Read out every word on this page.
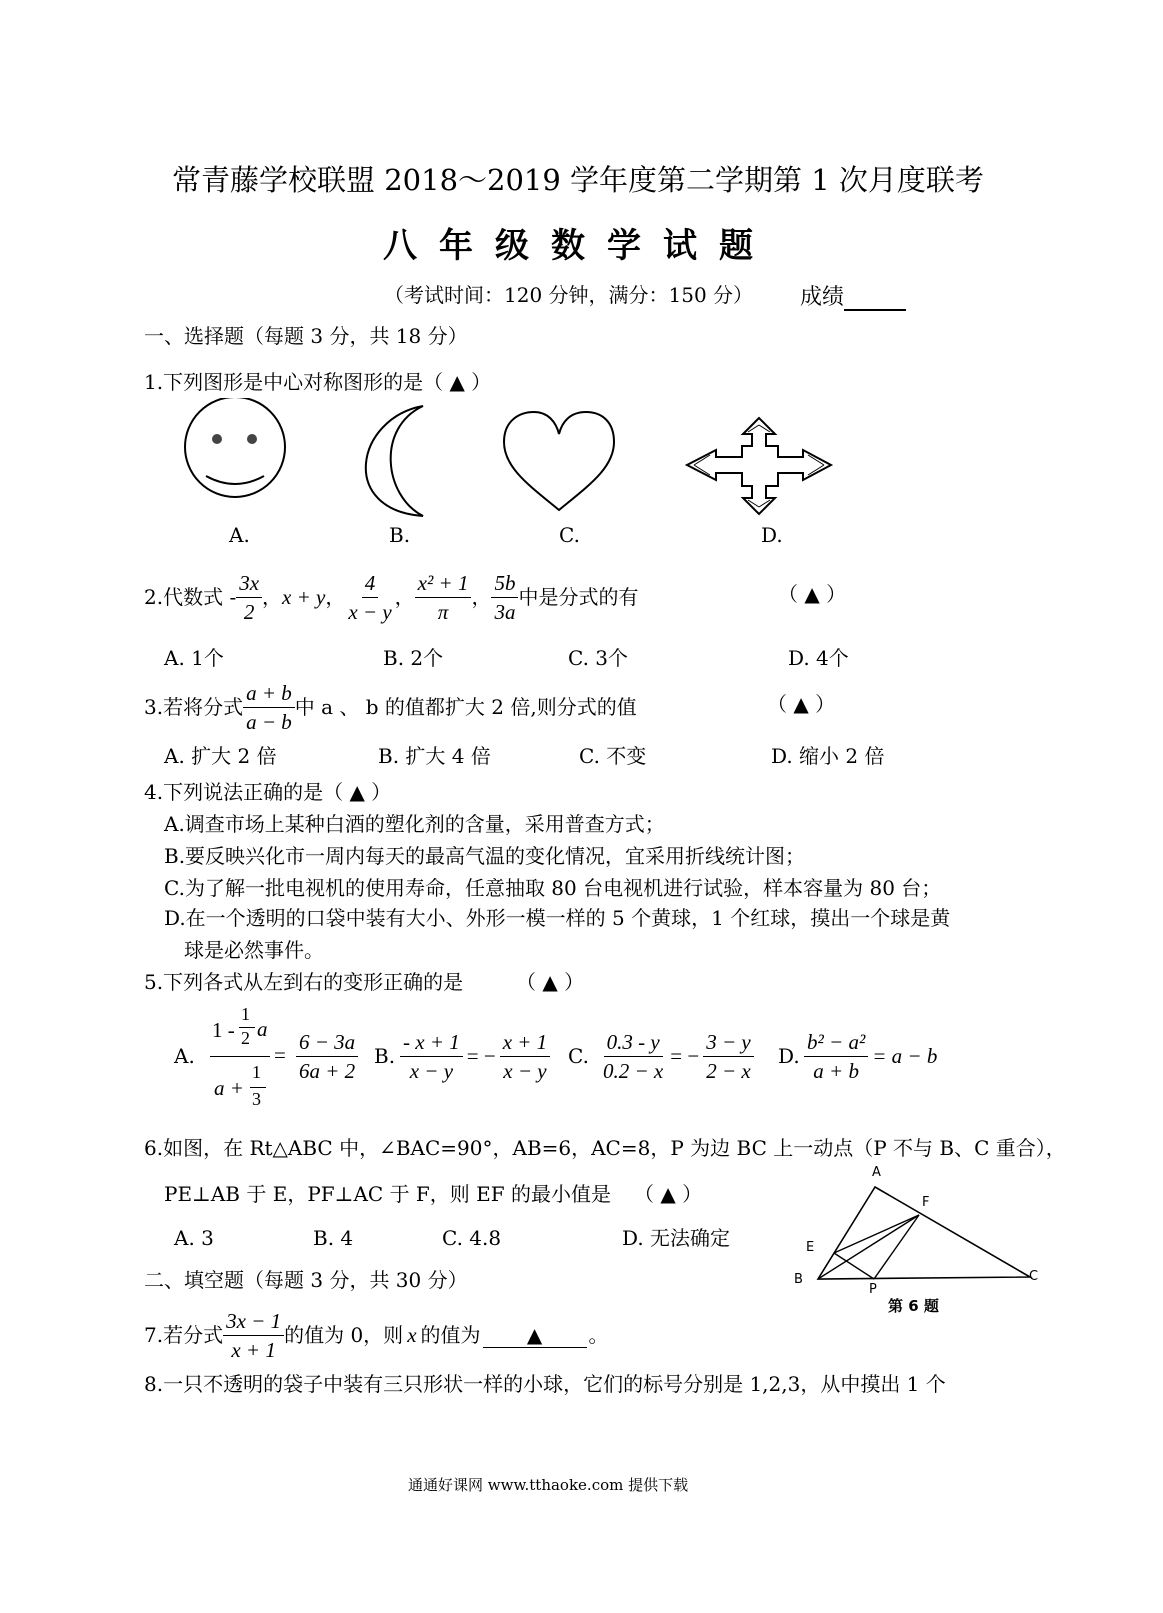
常青藤学校联盟 2018～2019 学年度第二学期第 1 次月度联考
八年级数学试题
（考试时间：120 分钟，满分：150 分） 成绩
一、选择题（每题 3 分，共 18 分）
1.下列图形是中心对称图形的是（ ▲ ）
A.	B.	C.	D.
2.代数式 - $\frac{3x}{2}$ ， x + y ， $\frac{4}{x - y}$ ， $\frac{\text{x² + 1}}{\pi}$ ， $\frac{5b}{3a}$ 中是分式的有	（ ▲ ）
A. 1个	B. 2个	C. 3个	D. 4个
3.若将分式 $\frac{a + b}{a - b}$ 中 a 、 b 的值都扩大 2 倍,则分式的值	（ ▲ ）
A. 扩大 2 倍	B. 扩大 4 倍	C. 不变	D. 缩小 2 倍
4.下列说法正确的是（ ▲ ）
A.调查市场上某种白酒的塑化剂的含量，采用普查方式；
B.要反映兴化市一周内每天的最高气温的变化情况，宜采用折线统计图；
C.为了解一批电视机的使用寿命，任意抽取 80 台电视机进行试验，样本容量为 80 台；
D.在一个透明的口袋中装有大小、外形一模一样的 5 个黄球，1 个红球，摸出一个球是黄
球是必然事件。
5.下列各式从左到右的变形正确的是	（ ▲ ）
A.
1 -
1
2 a
a +
1
3
= $\frac{6 - 3a}{6a + 2} B$. $\frac{- x + 1}{x - y}$ = − $\frac{x + 1}{x - y} C$. $\frac{0.3 - y}{0.2 - x}$ = − $\frac{3 - y}{2 - x} D$. $\frac{\text{b² − a²}}{a + b} = a - b$
6.如图，在 Rt△ABC 中，∠BAC=90°，AB=6，AC=8，P 为边 BC 上一动点（P 不与 B、C 重合），
PE⊥AB 于 E，PF⊥AC 于 F，则 EF 的最小值是 （ ▲ ）
A. 3	B. 4	C. 4.8	D. 无法确定
A
F
E
B
P
C
第 6 题
二、填空题（每题 3 分，共 30 分）
7.若分式 $\frac{3x - 1}{x + 1}$ 的值为 0，则 x 的值为	▲	。
8.一只不透明的袋子中装有三只形状一样的小球，它们的标号分别是 1,2,3，从中摸出 1 个
通通好课网 www.tthaoke.com 提供下载
